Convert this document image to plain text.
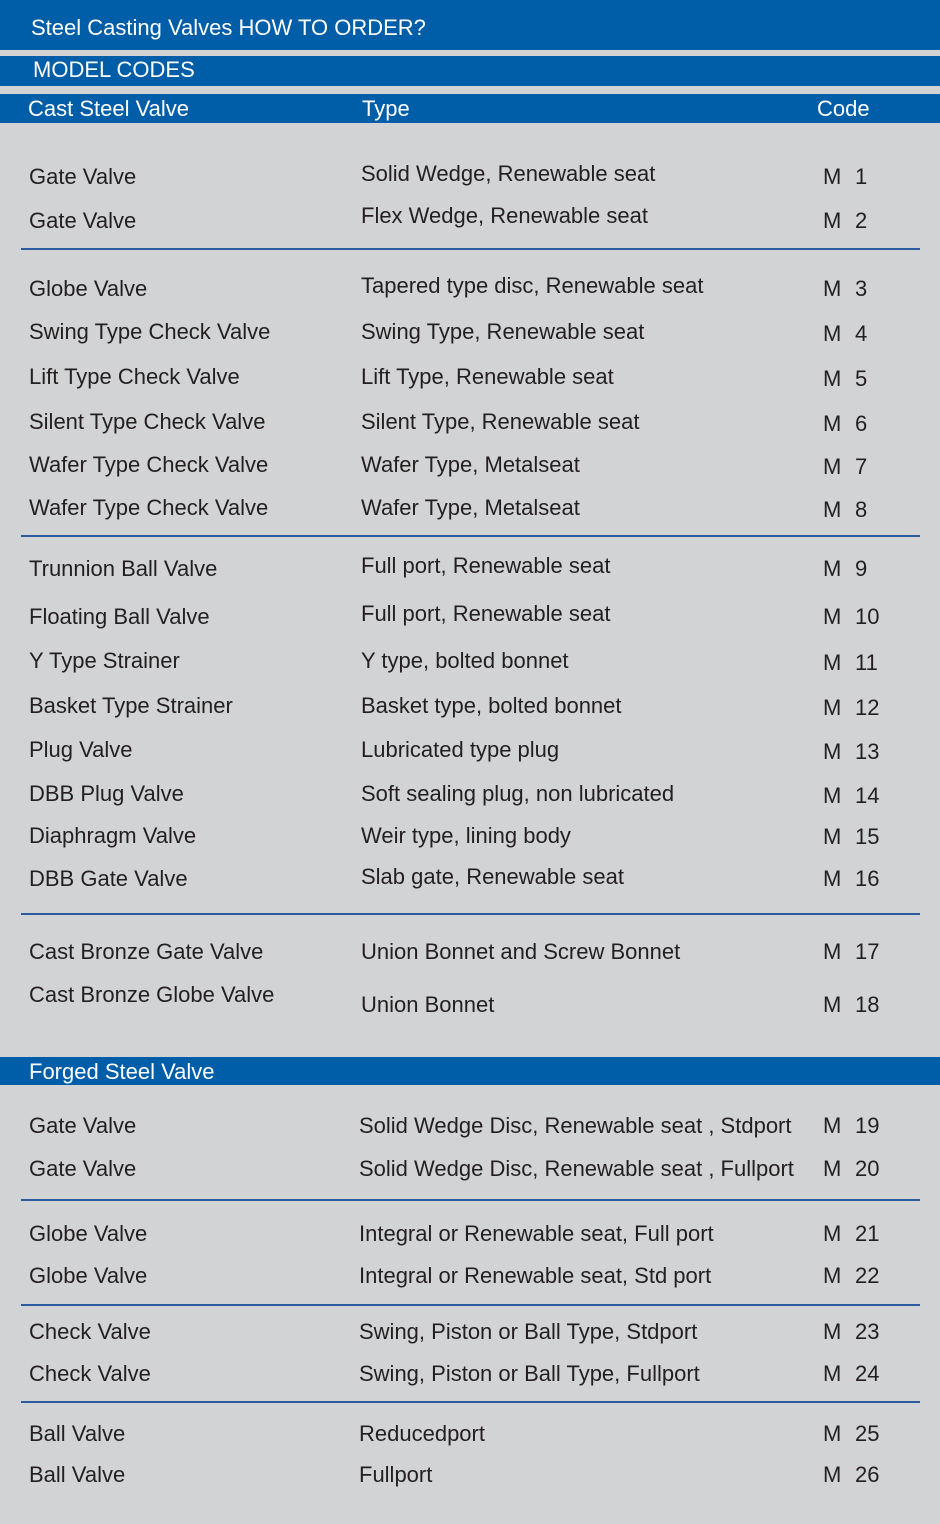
Steel Casting Valves HOW TO ORDER?
MODEL CODES
Cast Steel Valve	Type	Code
Gate Valve	Solid Wedge, Renewable seat	M 1
Gate Valve	Flex Wedge, Renewable seat	M 2
Globe Valve	Tapered type disc, Renewable seat	M 3
Swing Type Check Valve	Swing Type, Renewable seat	M 4
Lift Type Check Valve	Lift Type, Renewable seat	M 5
Silent Type Check Valve	Silent Type, Renewable seat	M 6
Wafer Type Check Valve	Wafer Type, Metalseat	M 7
Wafer Type Check Valve	Wafer Type, Metalseat	M 8
Trunnion Ball Valve	Full port, Renewable seat	M 9
Floating Ball Valve	Full port, Renewable seat	M 10
Y Type Strainer	Y type, bolted bonnet	M 11
Basket Type Strainer	Basket type, bolted bonnet	M 12
Plug Valve	Lubricated type plug	M 13
DBB Plug Valve	Soft sealing plug, non lubricated	M 14
Diaphragm Valve	Weir type, lining body	M 15
DBB Gate Valve	Slab gate, Renewable seat	M 16
Cast Bronze Gate Valve	Union Bonnet and Screw Bonnet	M 17
Cast Bronze Globe Valve	Union Bonnet	M 18
Forged Steel Valve
Gate Valve	Solid Wedge Disc, Renewable seat , Stdport M 19
Gate Valve	Solid Wedge Disc, Renewable seat , Fullport M 20
Globe Valve	Integral or Renewable seat, Full port	M 21
Globe Valve	Integral or Renewable seat, Std port	M 22
Check Valve	Swing, Piston or Ball Type, Stdport	M 23
Check Valve	Swing, Piston or Ball Type, Fullport	M 24
Ball Valve	Reducedport	M 25
Ball Valve	Fullport	M 26
